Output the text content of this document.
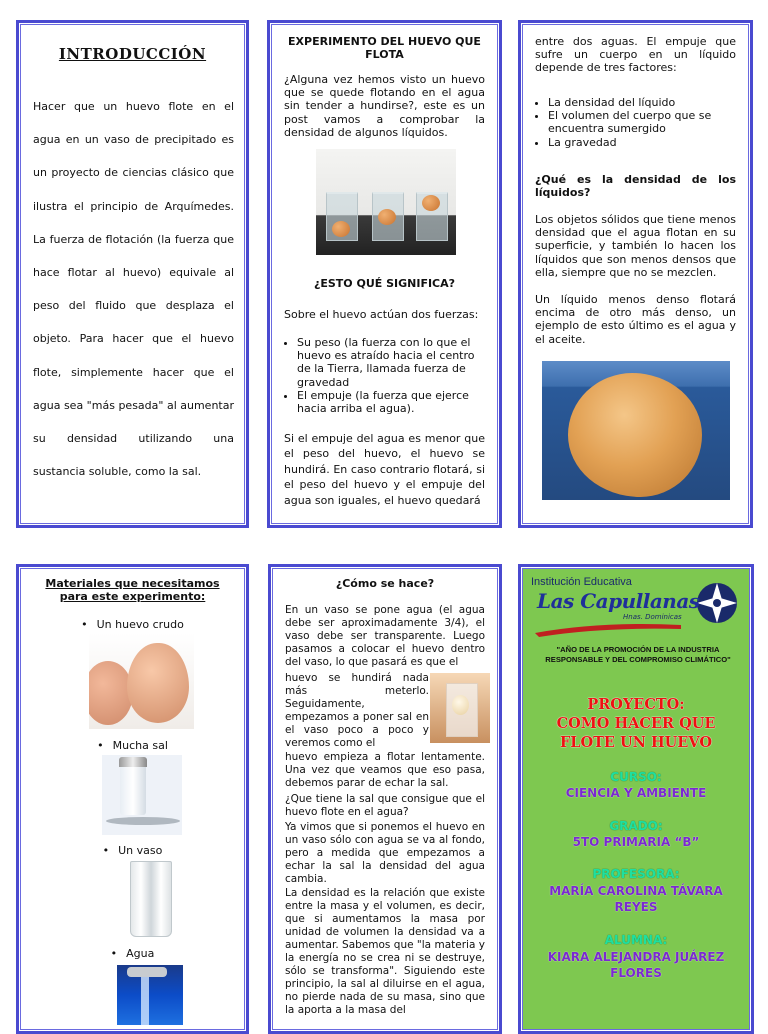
INTRODUCCIÓN
Hacer que un huevo flote en el agua en un vaso de precipitado es un proyecto de ciencias clásico que ilustra el principio de Arquímedes. La fuerza de flotación (la fuerza que hace flotar al huevo) equivale al peso del fluido que desplaza el objeto. Para hacer que el huevo flote, simplemente hacer que el agua sea "más pesada" al aumentar su densidad utilizando una sustancia soluble, como la sal.
EXPERIMENTO DEL HUEVO QUE FLOTA
¿Alguna vez hemos visto un huevo que se quede flotando en el agua sin tender a hundirse?, este es un post vamos a comprobar la densidad de algunos líquidos.
¿ESTO QUÉ SIGNIFICA?
Sobre el huevo actúan dos fuerzas:
• Su peso (la fuerza con lo que el huevo es atraído hacia el centro de la Tierra, llamada fuerza de gravedad
• El empuje (la fuerza que ejerce hacia arriba el agua).
Si el empuje del agua es menor que el peso del huevo, el huevo se hundirá. En caso contrario flotará, si el peso del huevo y el empuje del agua son iguales, el huevo quedará
entre dos aguas. El empuje que sufre un cuerpo en un líquido depende de tres factores:
• La densidad del líquido
• El volumen del cuerpo que se encuentra sumergido
• La gravedad
¿Qué es la densidad de los líquidos?
Los objetos sólidos que tiene menos densidad que el agua flotan en su superficie, y también lo hacen los líquidos que son menos densos que ella, siempre que no se mezclen.
Un líquido menos denso flotará encima de otro más denso, un ejemplo de esto último es el agua y el aceite.
Materiales que necesitamos para este experimento:
• Un huevo crudo
• Mucha sal
• Un vaso
• Agua
¿Cómo se hace?
En un vaso se pone agua (el agua debe ser aproximadamente 3/4), el vaso debe ser transparente. Luego pasamos a colocar el huevo dentro del vaso, lo que pasará es que el
huevo se hundirá nada más meterlo. Seguidamente, empezamos a poner sal en el vaso poco a poco y veremos como el
huevo empieza a flotar lentamente. Una vez que veamos que eso pasa, debemos parar de echar la sal.
¿Que tiene la sal que consigue que el huevo flote en el agua?
Ya vimos que si ponemos el huevo en un vaso sólo con agua se va al fondo, pero a medida que empezamos a echar la sal la densidad del agua cambia.
La densidad es la relación que existe entre la masa y el volumen, es decir, que si aumentamos la masa por unidad de volumen la densidad va a aumentar. Sabemos que "la materia y la energía no se crea ni se destruye, sólo se transforma". Siguiendo este principio, la sal al diluirse en el agua, no pierde nada de su masa, sino que la aporta a la masa del
Institución Educativa
Las Capullanas
Hnas. Dominicas
"AÑO DE LA PROMOCIÓN DE LA INDUSTRIA RESPONSABLE Y DEL COMPROMISO CLIMÁTICO"
PROYECTO:
COMO HACER QUE FLOTE UN HUEVO
CURSO:
CIENCIA Y AMBIENTE
GRADO:
5TO PRIMARIA “B”
PROFESORA:
MARÍA CAROLINA TÁVARA REYES
ALUMNA:
KIARA ALEJANDRA JUÁREZ FLORES
